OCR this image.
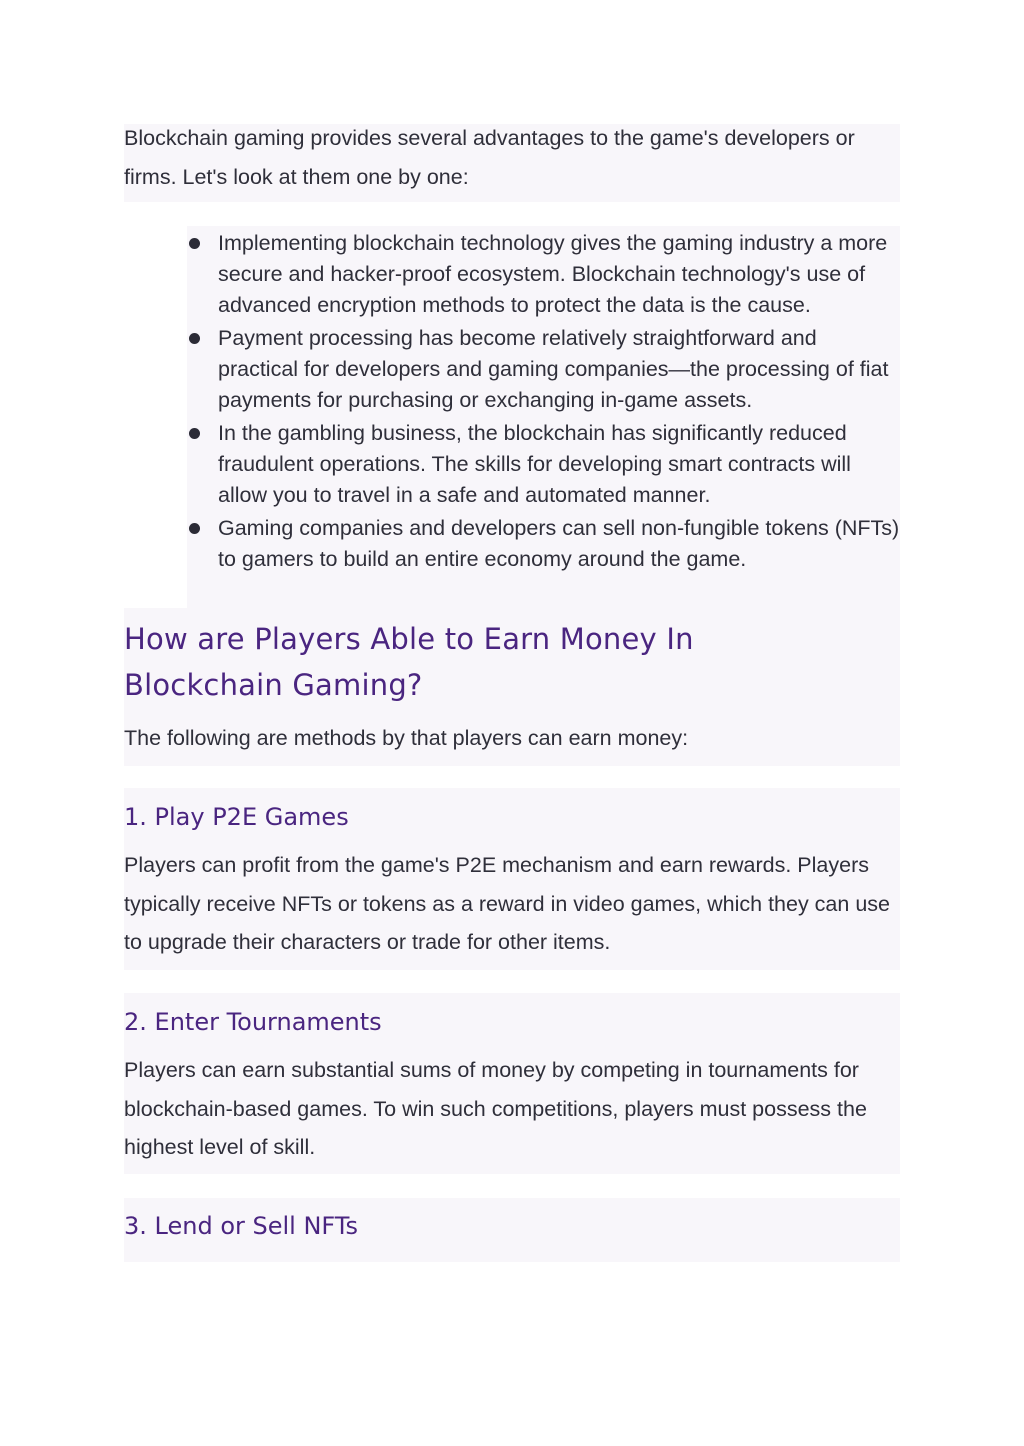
Blockchain gaming provides several advantages to the game's developers or firms. Let's look at them one by one:

Implementing blockchain technology gives the gaming industry a more secure and hacker-proof ecosystem. Blockchain technology's use of advanced encryption methods to protect the data is the cause.
Payment processing has become relatively straightforward and practical for developers and gaming companies—the processing of fiat payments for purchasing or exchanging in-game assets.
In the gambling business, the blockchain has significantly reduced fraudulent operations. The skills for developing smart contracts will allow you to travel in a safe and automated manner.
Gaming companies and developers can sell non-fungible tokens (NFTs) to gamers to build an entire economy around the game.
How are Players Able to Earn Money In Blockchain Gaming?

The following are methods by that players can earn money:

1. Play P2E Games

Players can profit from the game's P2E mechanism and earn rewards. Players typically receive NFTs or tokens as a reward in video games, which they can use to upgrade their characters or trade for other items.

2. Enter Tournaments

Players can earn substantial sums of money by competing in tournaments for blockchain-based games. To win such competitions, players must possess the highest level of skill.

3. Lend or Sell NFTs
